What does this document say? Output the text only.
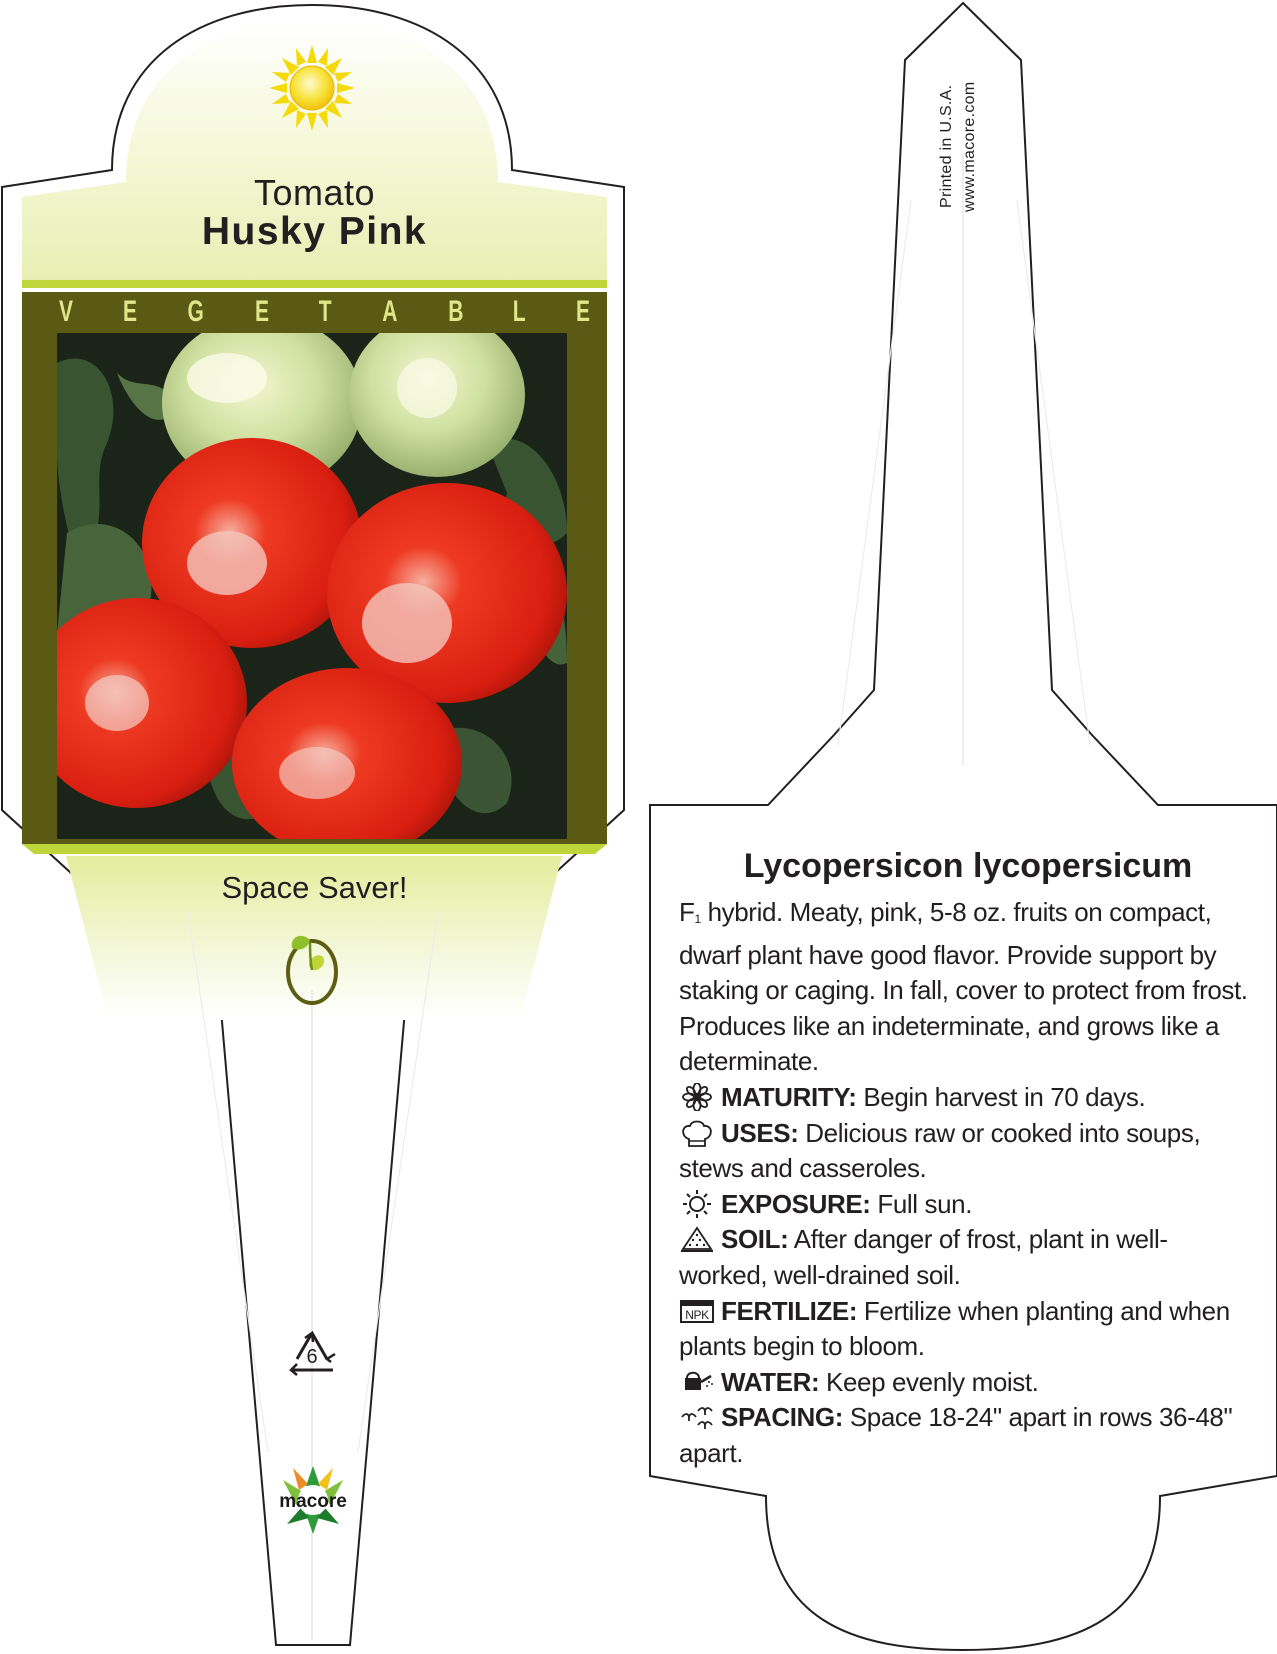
Tomato
Husky Pink
V E G E T A B L E
Space Saver!
6
macore
Printed in U.S.A. www.macore.com
Lycopersicon lycopersicum

F1 hybrid. Meaty, pink, 5-8 oz. fruits on compact, dwarf plant have good flavor. Provide support by staking or caging. In fall, cover to protect from frost. Produces like an indeterminate, and grows like a determinate.

MATURITY: Begin harvest in 70 days.

USES: Delicious raw or cooked into soups, stews and casseroles.

EXPOSURE: Full sun.

SOIL: After danger of frost, plant in well-worked, well-drained soil.

NPK FERTILIZE: Fertilize when planting and when plants begin to bloom.

WATER: Keep evenly moist.

SPACING: Space 18-24" apart in rows 36-48" apart.
